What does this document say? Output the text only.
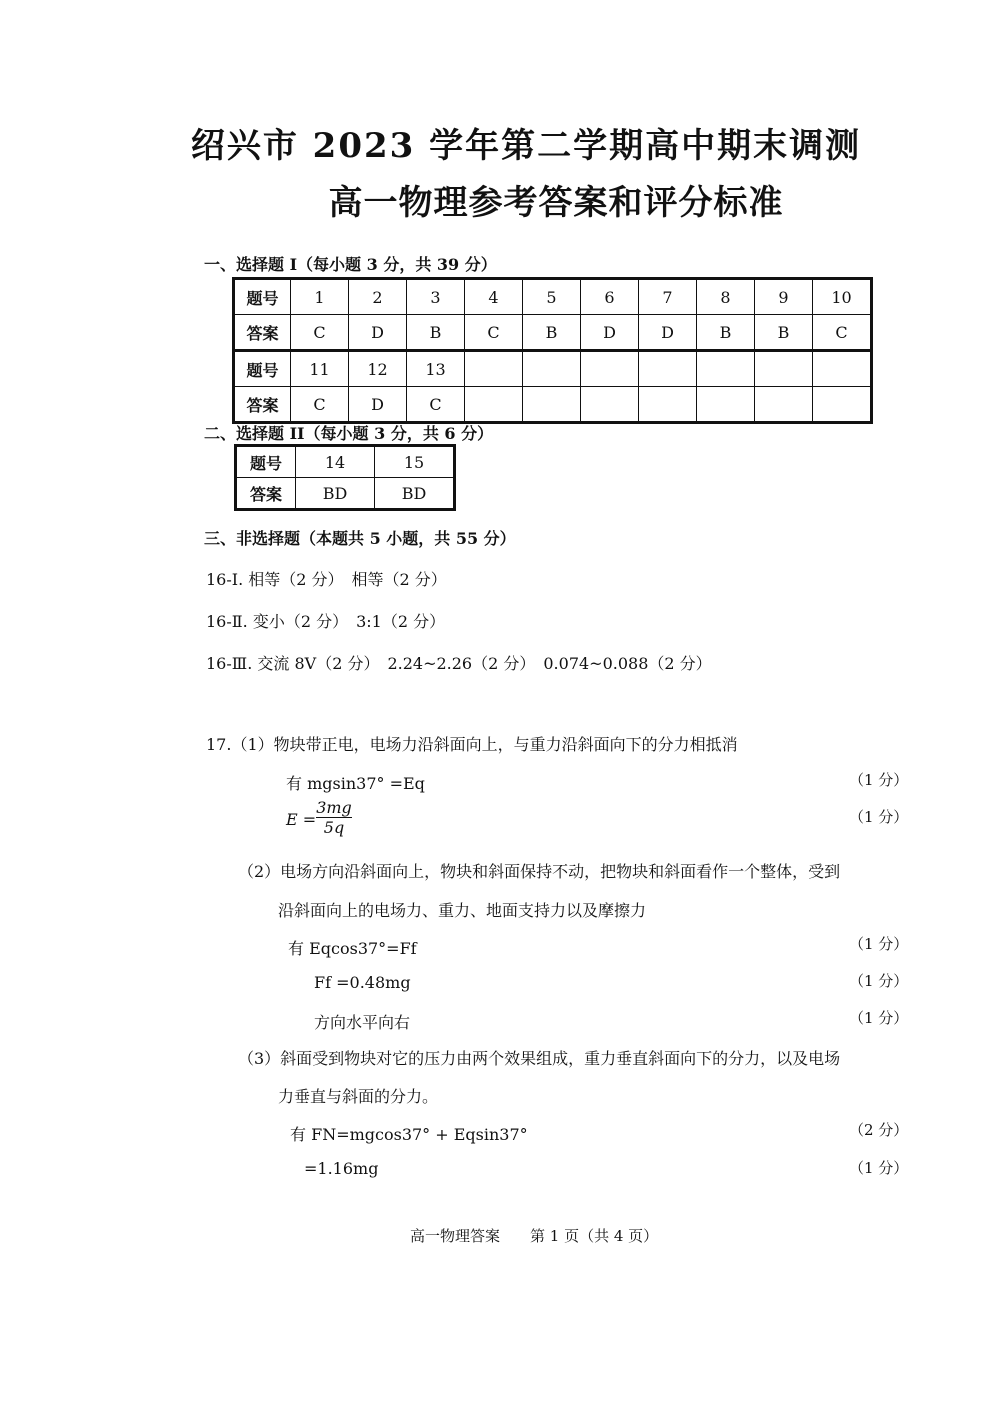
绍兴市 2023 学年第二学期高中期末调测
高一物理参考答案和评分标准
一、选择题 I（每小题 3 分，共 39 分）
题号	1	2	3	4	5	6	7	8	9	10
答案	C	D	B	C	B	D	D	B	B	C
题号	11	12	13							
答案	C	D	C							
二、选择题 II（每小题 3 分，共 6 分）
题号	14	15
答案	BD	BD
三、非选择题（本题共 5 小题，共 55 分）
16-Ⅰ. 相等（2 分）　相等（2 分）
16-Ⅱ. 变小（2 分）　3:1（2 分）
16-Ⅲ. 交流 8V（2 分）　2.24~2.26（2 分）　0.074~0.088（2 分）
17.（1）物块带正电，电场力沿斜面向上，与重力沿斜面向下的分力相抵消
有 mgsin37° =Eq	（1 分）
E =
3mg
5q
（1 分）
（2）电场方向沿斜面向上，物块和斜面保持不动，把物块和斜面看作一个整体，受到
沿斜面向上的电场力、重力、地面支持力以及摩擦力
有 Eqcos37°=Ff	（1 分）
Ff =0.48mg	（1 分）
方向水平向右	（1 分）
（3）斜面受到物块对它的压力由两个效果组成，重力垂直斜面向下的分力，以及电场
力垂直与斜面的分力。
有 FN=mgcos37° + Eqsin37°	（2 分）
=1.16mg	（1 分）
高一物理答案　　第 1 页（共 4 页）
